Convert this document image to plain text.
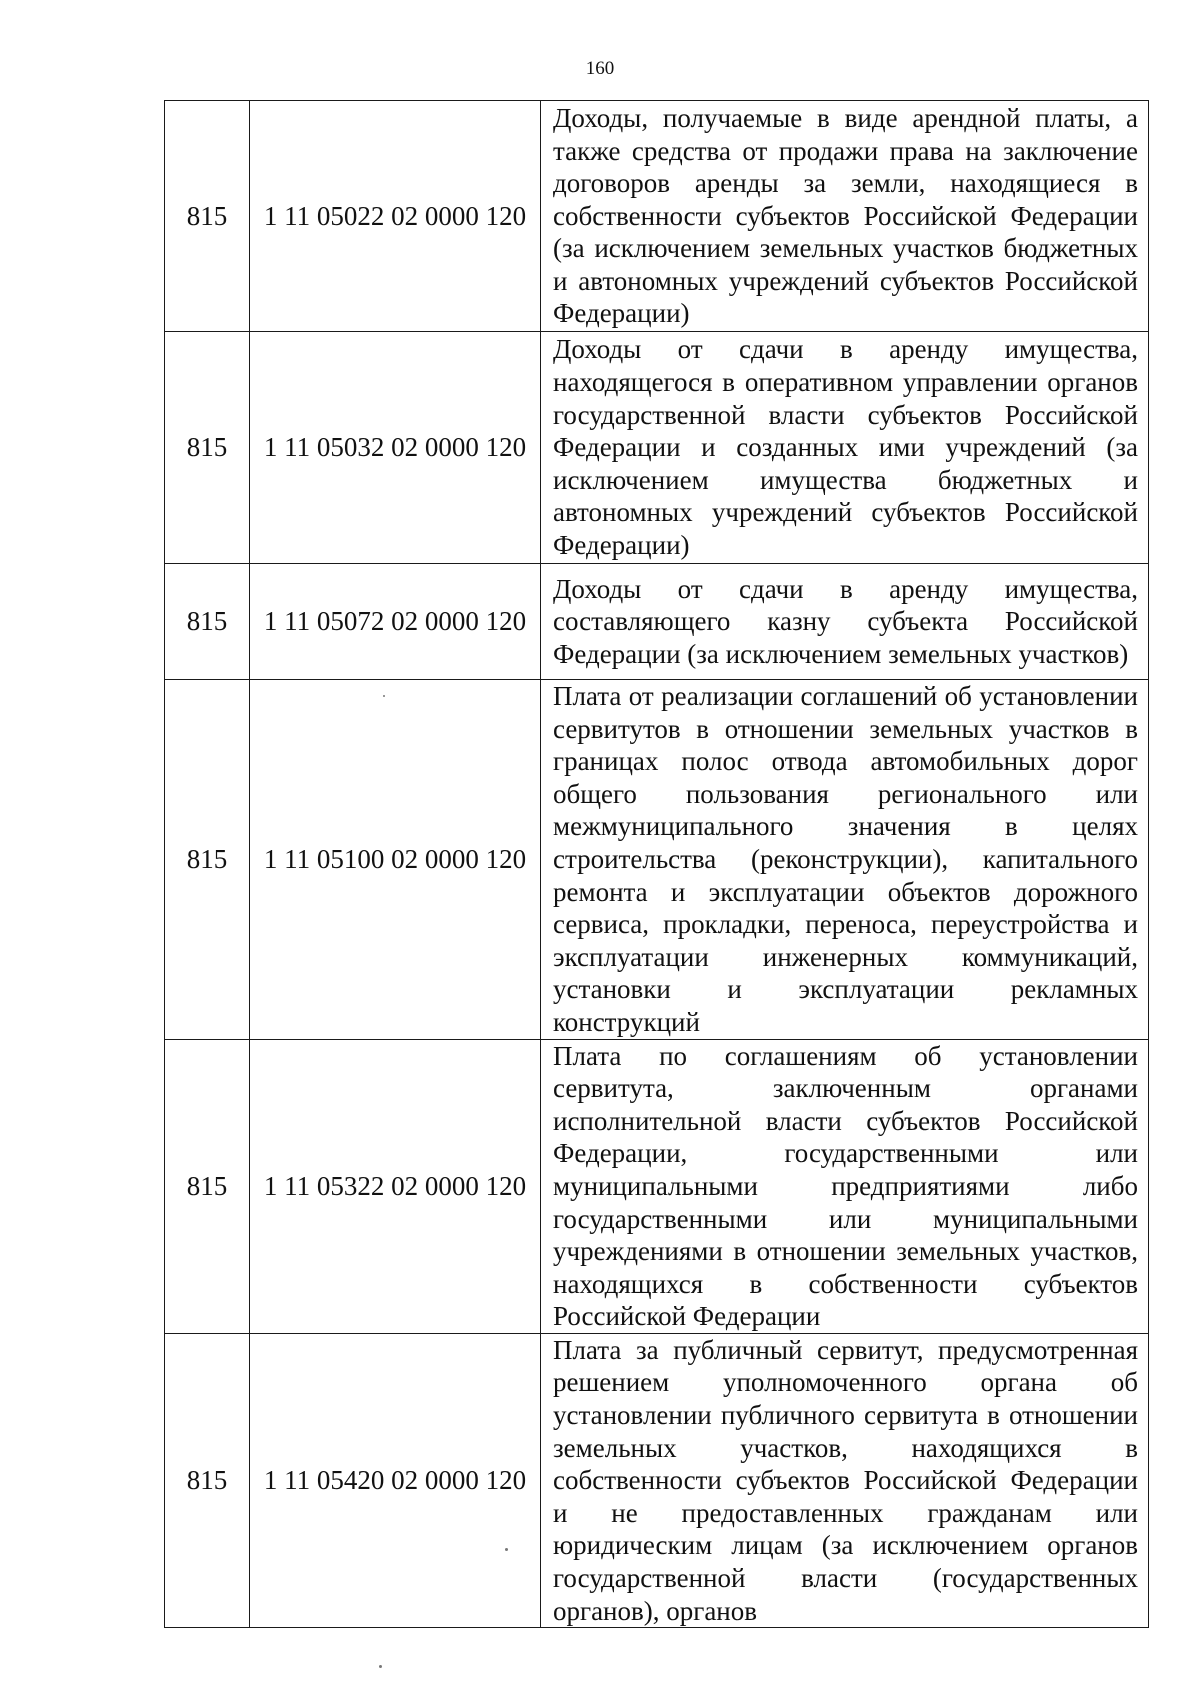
160
815	1 11 05022 02 0000 120	Доходы, получаемые в виде арендной платы, а также средства от продажи права на заключение договоров аренды за земли, находящиеся в собственности субъектов Российской Федерации (за исключением земельных участков бюджетных и автономных учреждений субъектов Российской Федерации)
815	1 11 05032 02 0000 120	Доходы от сдачи в аренду имущества, находящегося в оперативном управлении органов государственной власти субъектов Российской Федерации и созданных ими учреждений (за исключением имущества бюджетных и автономных учреждений субъектов Российской Федерации)
815	1 11 05072 02 0000 120	Доходы от сдачи в аренду имущества, составляющего казну субъекта Российской Федерации (за исключением земельных участков)
815	1 11 05100 02 0000 120	Плата от реализации соглашений об установлении сервитутов в отношении земельных участков в границах полос отвода автомобильных дорог общего пользования регионального или межмуниципального значения в целях строительства (реконструкции), капитального ремонта и эксплуатации объектов дорожного сервиса, прокладки, переноса, переустройства и эксплуатации инженерных коммуникаций, установки и эксплуатации рекламных конструкций
815	1 11 05322 02 0000 120	Плата по соглашениям об установлении сервитута, заключенным органами исполнительной власти субъектов Российской Федерации, государственными или муниципальными предприятиями либо государственными или муниципальными учреждениями в отношении земельных участков, находящихся в собственности субъектов Российской Федерации
815	1 11 05420 02 0000 120	Плата за публичный сервитут, предусмотренная решением уполномоченного органа об установлении публичного сервитута в отношении земельных участков, находящихся в собственности субъектов Российской Федерации и не предоставленных гражданам или юридическим лицам (за исключением органов государственной власти (государственных органов), органов
